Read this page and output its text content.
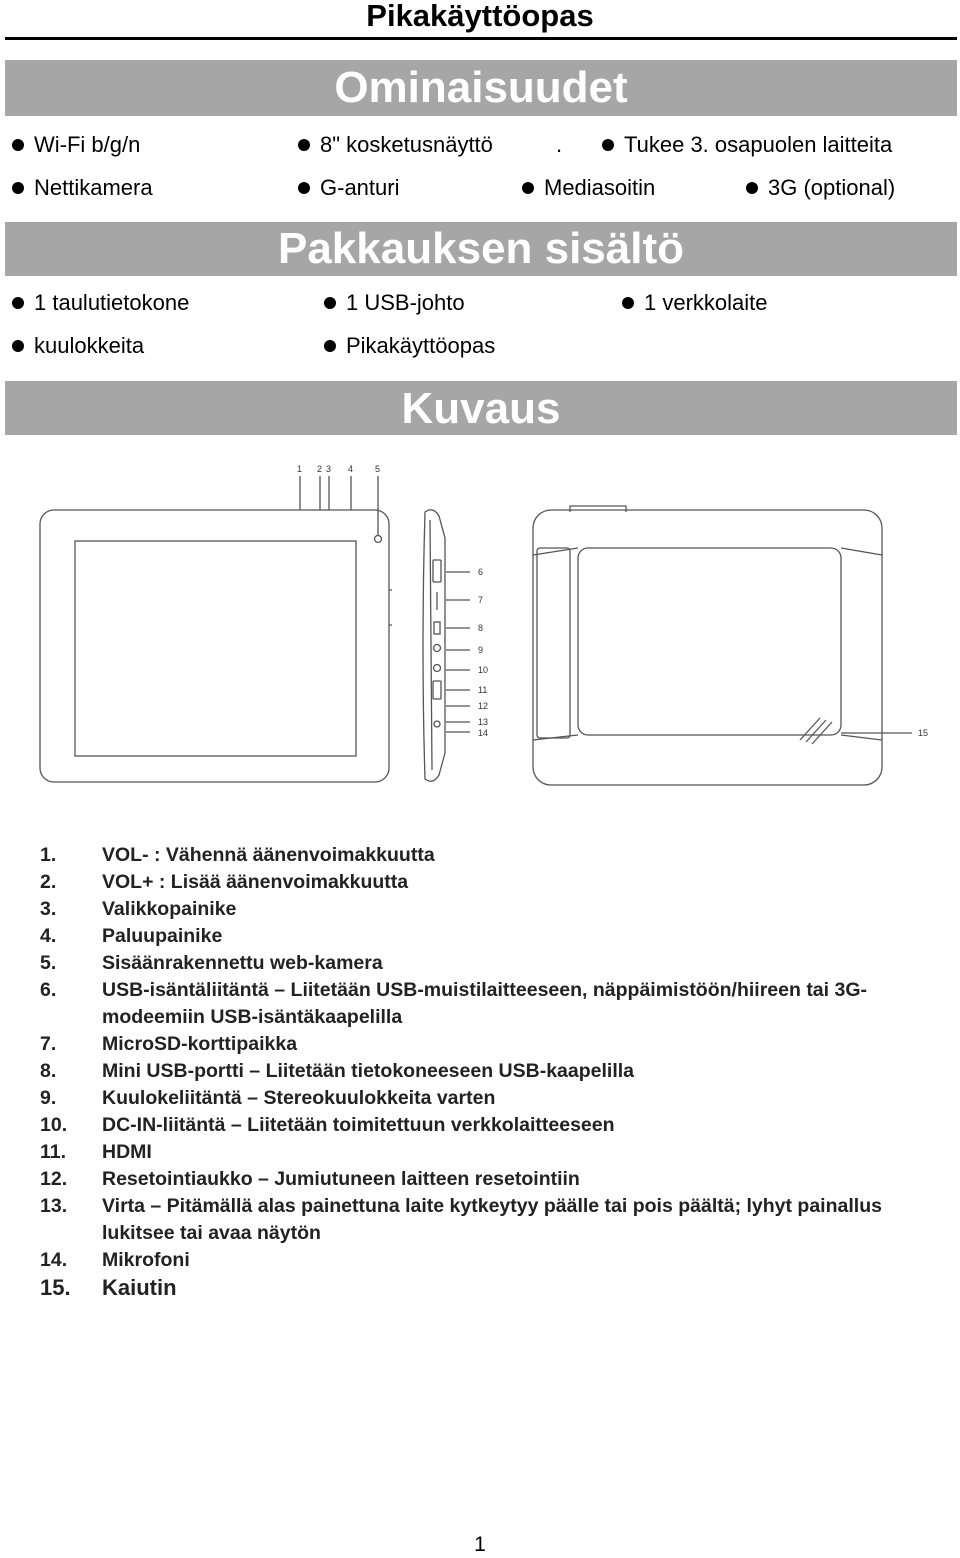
Pikakäyttöopas
Ominaisuudet
Wi-Fi b/g/n	8" kosketusnäyttö	.	Tukee 3. osapuolen laitteita
Nettikamera	G-anturi	Mediasoitin	3G (optional)
Pakkauksen sisältö
1 taulutietokone	1 USB-johto	1 verkkolaite
kuulokkeita	Pikakäyttöopas
Kuvaus
1 2 3 4 5
6
7
8
9
10
11
12
13
14	15
1.	VOL- : Vähennä äänenvoimakkuutta
2.	VOL+ : Lisää äänenvoimakkuutta
3.	Valikkopainike
4.	Paluupainike
5.	Sisäänrakennettu web-kamera
6.	USB-isäntäliitäntä – Liitetään USB-muistilaitteeseen, näppäimistöön/hiireen tai 3G-modeemiin USB-isäntäkaapelilla
7.	MicroSD-korttipaikka
8.	Mini USB-portti – Liitetään tietokoneeseen USB-kaapelilla
9.	Kuulokeliitäntä – Stereokuulokkeita varten
10.	DC-IN-liitäntä – Liitetään toimitettuun verkkolaitteeseen
11.	HDMI
12.	Resetointiaukko – Jumiutuneen laitteen resetointiin
13.	Virta – Pitämällä alas painettuna laite kytkeytyy päälle tai pois päältä; lyhyt painallus lukitsee tai avaa näytön
14.	Mikrofoni
15.	Kaiutin
1
